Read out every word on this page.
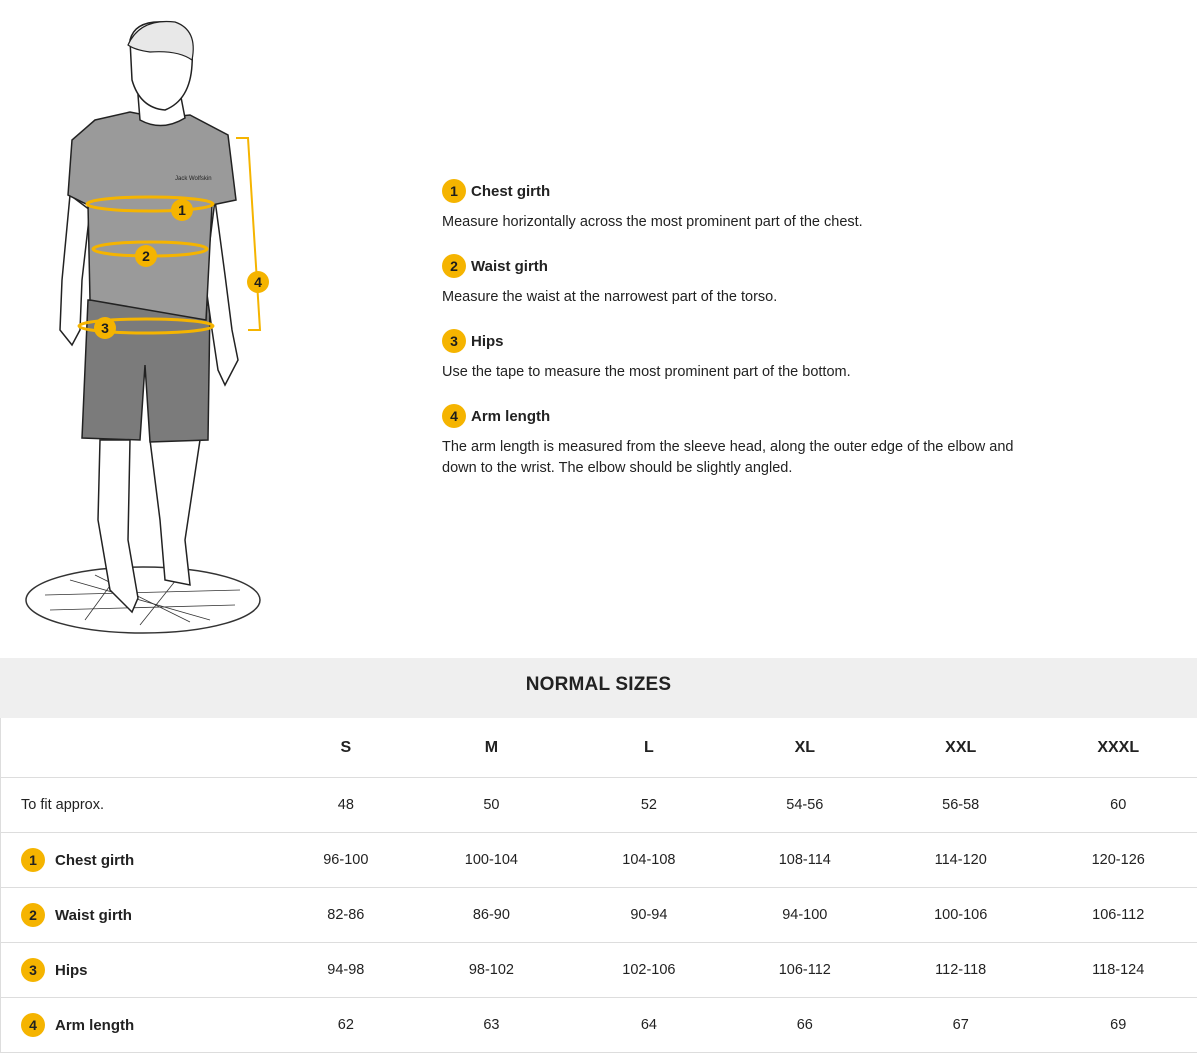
Jack Wolfskin
1
2
3
4
1 Chest girth
Measure horizontally across the most prominent part of the chest.
2 Waist girth
Measure the waist at the narrowest part of the torso.
3 Hips
Use the tape to measure the most prominent part of the bottom.
4 Arm length
The arm length is measured from the sleeve head, along the outer edge of the elbow and down to the wrist. The elbow should be slightly angled.
NORMAL SIZES
	S	M	L	XL	XXL	XXXL
To fit approx.	48	50	52	54-56	56-58	60

1 Chest girth	96-100	100-104	104-108	108-114	114-120	120-126

2 Waist girth	82-86	86-90	90-94	94-100	100-106	106-112

3 Hips	94-98	98-102	102-106	106-112	112-118	118-124

4 Arm length	62	63	64	66	67	69
